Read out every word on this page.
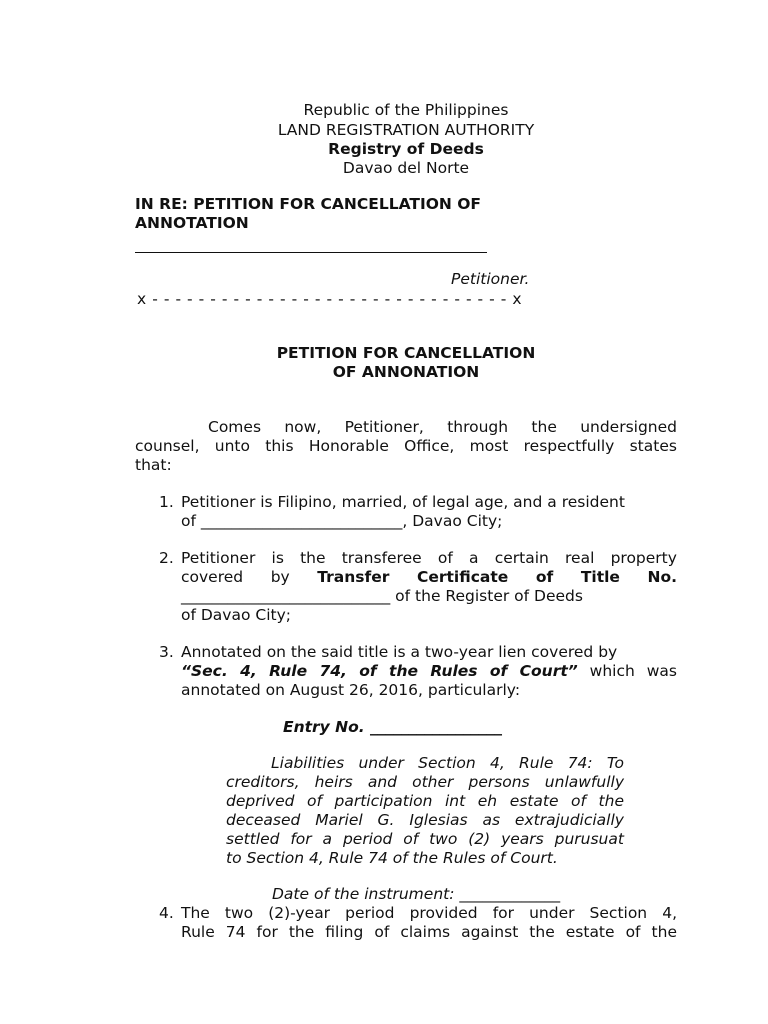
Republic of the Philippines
LAND REGISTRATION AUTHORITY
Registry of Deeds
Davao del Norte
IN RE: PETITION FOR CANCELLATION OF
ANNOTATION
Petitioner.
x - - - - - - - - - - - - - - - - - - - - - - - - - - - - - - - x
PETITION FOR CANCELLATION
OF ANNONATION
Comes now, Petitioner, through the undersigned
counsel, unto this Honorable Office, most respectfully states
that:
1. Petitioner is Filipino, married, of legal age, and a resident
of __________________________, Davao City;
2. Petitioner is the transferee of a certain real property
covered by Transfer Certificate of Title No.
___________________________ of the Register of Deeds
of Davao City;
3. Annotated on the said title is a two-year lien covered by
“Sec. 4, Rule 74, of the Rules of Court” which was
annotated on August 26, 2016, particularly:
Entry No. _________________
Liabilities under Section 4, Rule 74: To
creditors, heirs and other persons unlawfully
deprived of participation int eh estate of the
deceased Mariel G. Iglesias as extrajudicially
settled for a period of two (2) years purusuat
to Section 4, Rule 74 of the Rules of Court.
Date of the instrument: _____________
4. The two (2)-year period provided for under Section 4,
Rule 74 for the filing of claims against the estate of the
